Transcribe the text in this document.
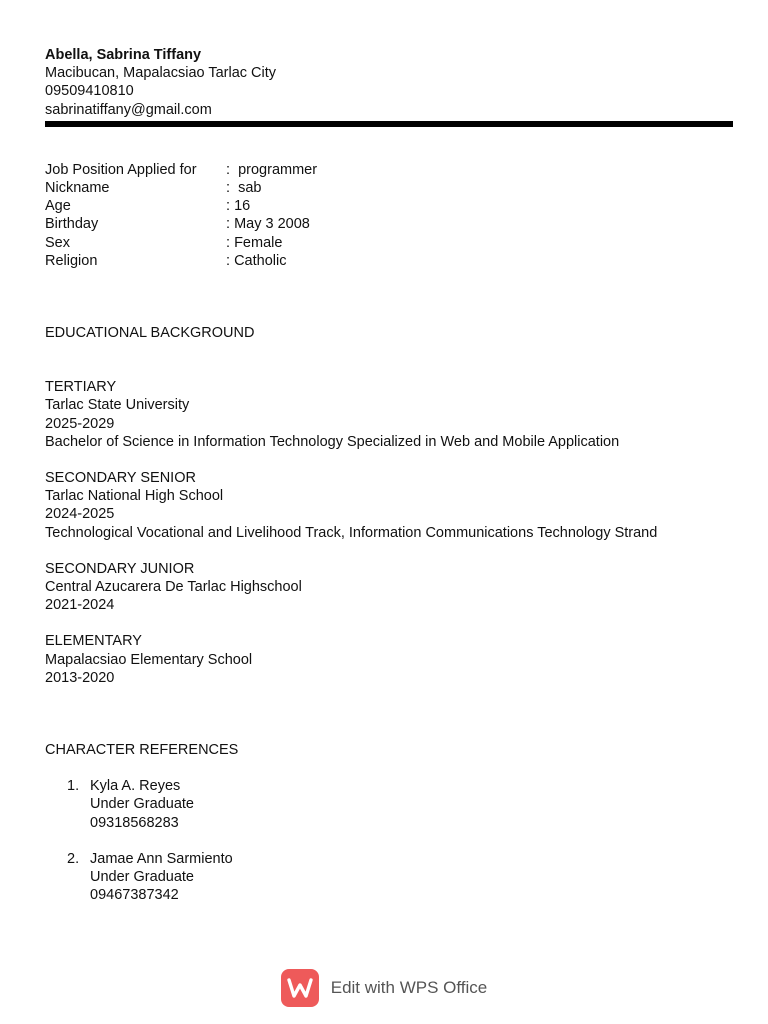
Abella, Sabrina Tiffany
Macibucan, Mapalacsiao Tarlac City
09509410810
sabrinatiffany@gmail.com
Job Position Applied for	: programmer
Nickname	: sab
Age	: 16
Birthday	: May 3 2008
Sex	: Female
Religion	: Catholic
EDUCATIONAL BACKGROUND
TERTIARY
Tarlac State University
2025-2029
Bachelor of Science in Information Technology Specialized in Web and Mobile Application
SECONDARY SENIOR
Tarlac National High School
2024-2025
Technological Vocational and Livelihood Track, Information Communications Technology Strand
SECONDARY JUNIOR
Central Azucarera De Tarlac Highschool
2021-2024
ELEMENTARY
Mapalacsiao Elementary School
2013-2020
CHARACTER REFERENCES
1. Kyla A. Reyes
Under Graduate
09318568283
2. Jamae Ann Sarmiento
Under Graduate
09467387342
Edit with WPS Office
